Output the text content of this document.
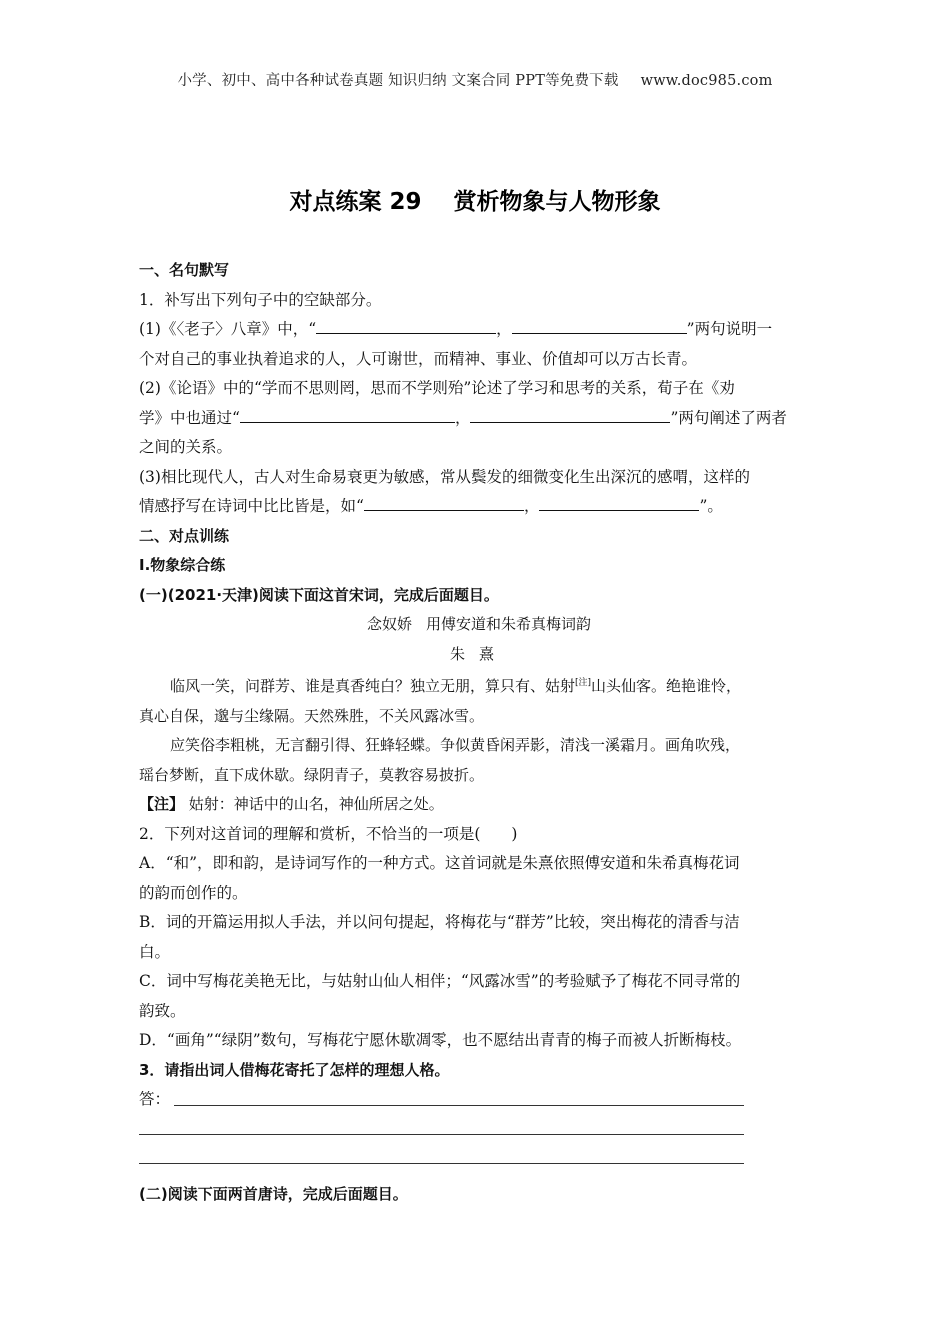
小学、初中、高中各种试卷真题 知识归纳 文案合同 PPT等免费下载 www.doc985.com
对点练案 29    赏析物象与人物形象

一、名句默写

1．补写出下列句子中的空缺部分。

(1)《〈老子〉八章》中，“	，	”两句说明一

个对自己的事业执着追求的人，人可谢世，而精神、事业、价值却可以万古长青。

(2)《论语》中的“学而不思则罔，思而不学则殆”论述了学习和思考的关系，荀子在《劝

学》中也通过“	，	”两句阐述了两者

之间的关系。

(3)相比现代人，古人对生命易衰更为敏感，常从鬓发的细微变化生出深沉的感喟，这样的

情感抒写在诗词中比比皆是，如“	，	”。

二、对点训练

Ⅰ.物象综合练

(一)(2021·天津)阅读下面这首宋词，完成后面题目。

念奴娇 用傅安道和朱希真梅词韵

朱熹

临风一笑，问群芳、谁是真香纯白？独立无朋，算只有、姑射[注]山头仙客。绝艳谁怜，

真心自保，邈与尘缘隔。天然殊胜，不关风露冰雪。

应笑俗李粗桃，无言翻引得、狂蜂轻蝶。争似黄昏闲弄影，清浅一溪霜月。画角吹残，

瑶台梦断，直下成休歇。绿阴青子，莫教容易披折。

【注】 姑射：神话中的山名，神仙所居之处。

2．下列对这首词的理解和赏析，不恰当的一项是(　　)

A．“和”，即和韵，是诗词写作的一种方式。这首词就是朱熹依照傅安道和朱希真梅花词

的韵而创作的。

B．词的开篇运用拟人手法，并以问句提起，将梅花与“群芳”比较，突出梅花的清香与洁

白。

C．词中写梅花美艳无比，与姑射山仙人相伴；“风露冰雪”的考验赋予了梅花不同寻常的

韵致。

D．“画角”“绿阴”数句，写梅花宁愿休歇凋零，也不愿结出青青的梅子而被人折断梅枝。

3．请指出词人借梅花寄托了怎样的理想人格。

答：

(二)阅读下面两首唐诗，完成后面题目。
